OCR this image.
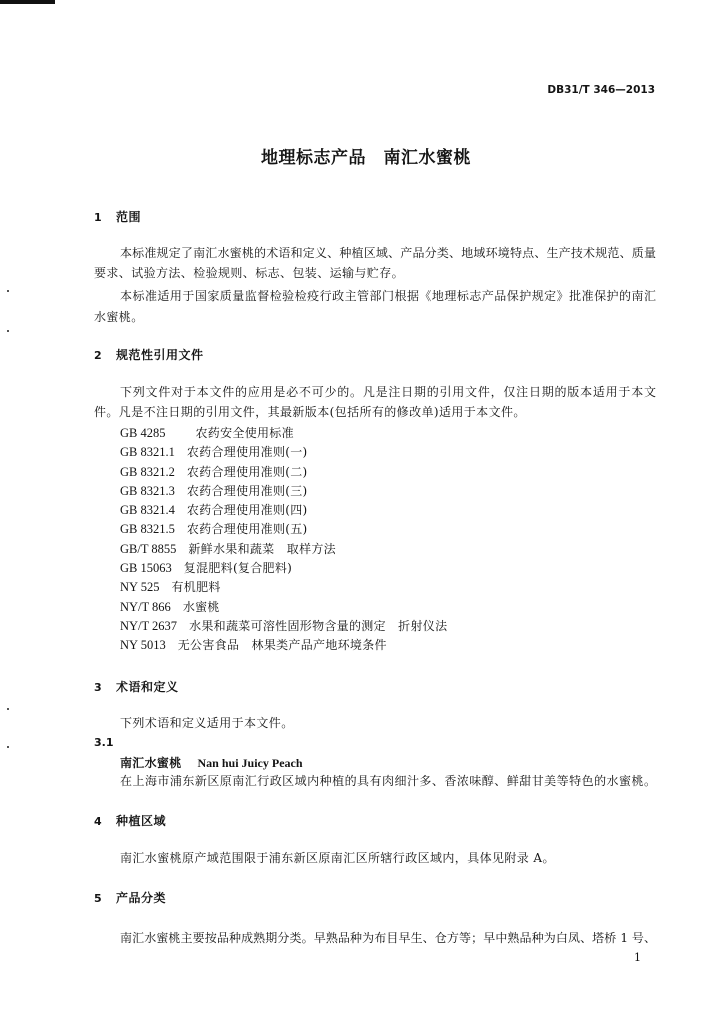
DB31/T 346—2013
地理标志产品　南汇水蜜桃
1 范围
本标准规定了南汇水蜜桃的术语和定义、种植区域、产品分类、地域环境特点、生产技术规范、质量
要求、试验方法、检验规则、标志、包装、运输与贮存。
本标准适用于国家质量监督检验检疫行政主管部门根据《地理标志产品保护规定》批准保护的南汇
水蜜桃。
2 规范性引用文件
下列文件对于本文件的应用是必不可少的。凡是注日期的引用文件，仅注日期的版本适用于本文
件。凡是不注日期的引用文件，其最新版本(包括所有的修改单)适用于本文件。
GB 4285	农药安全使用标准
GB 8321.1 农药合理使用准则(一)
GB 8321.2 农药合理使用准则(二)
GB 8321.3 农药合理使用准则(三)
GB 8321.4 农药合理使用准则(四)
GB 8321.5 农药合理使用准则(五)
GB/T 8855 新鲜水果和蔬菜　取样方法
GB 15063 复混肥料(复合肥料)
NY 525 有机肥料
NY/T 866 水蜜桃
NY/T 2637 水果和蔬菜可溶性固形物含量的测定　折射仪法
NY 5013 无公害食品　林果类产品产地环境条件
3 术语和定义
下列术语和定义适用于本文件。
3.1
南汇水蜜桃 Nan hui Juicy Peach
在上海市浦东新区原南汇行政区域内种植的具有肉细汁多、香浓味醇、鲜甜甘美等特色的水蜜桃。
4 种植区域
南汇水蜜桃原产域范围限于浦东新区原南汇区所辖行政区域内，具体见附录 A。
5 产品分类
南汇水蜜桃主要按品种成熟期分类。早熟品种为布目早生、仓方等；早中熟品种为白凤、塔桥 1 号、
1
